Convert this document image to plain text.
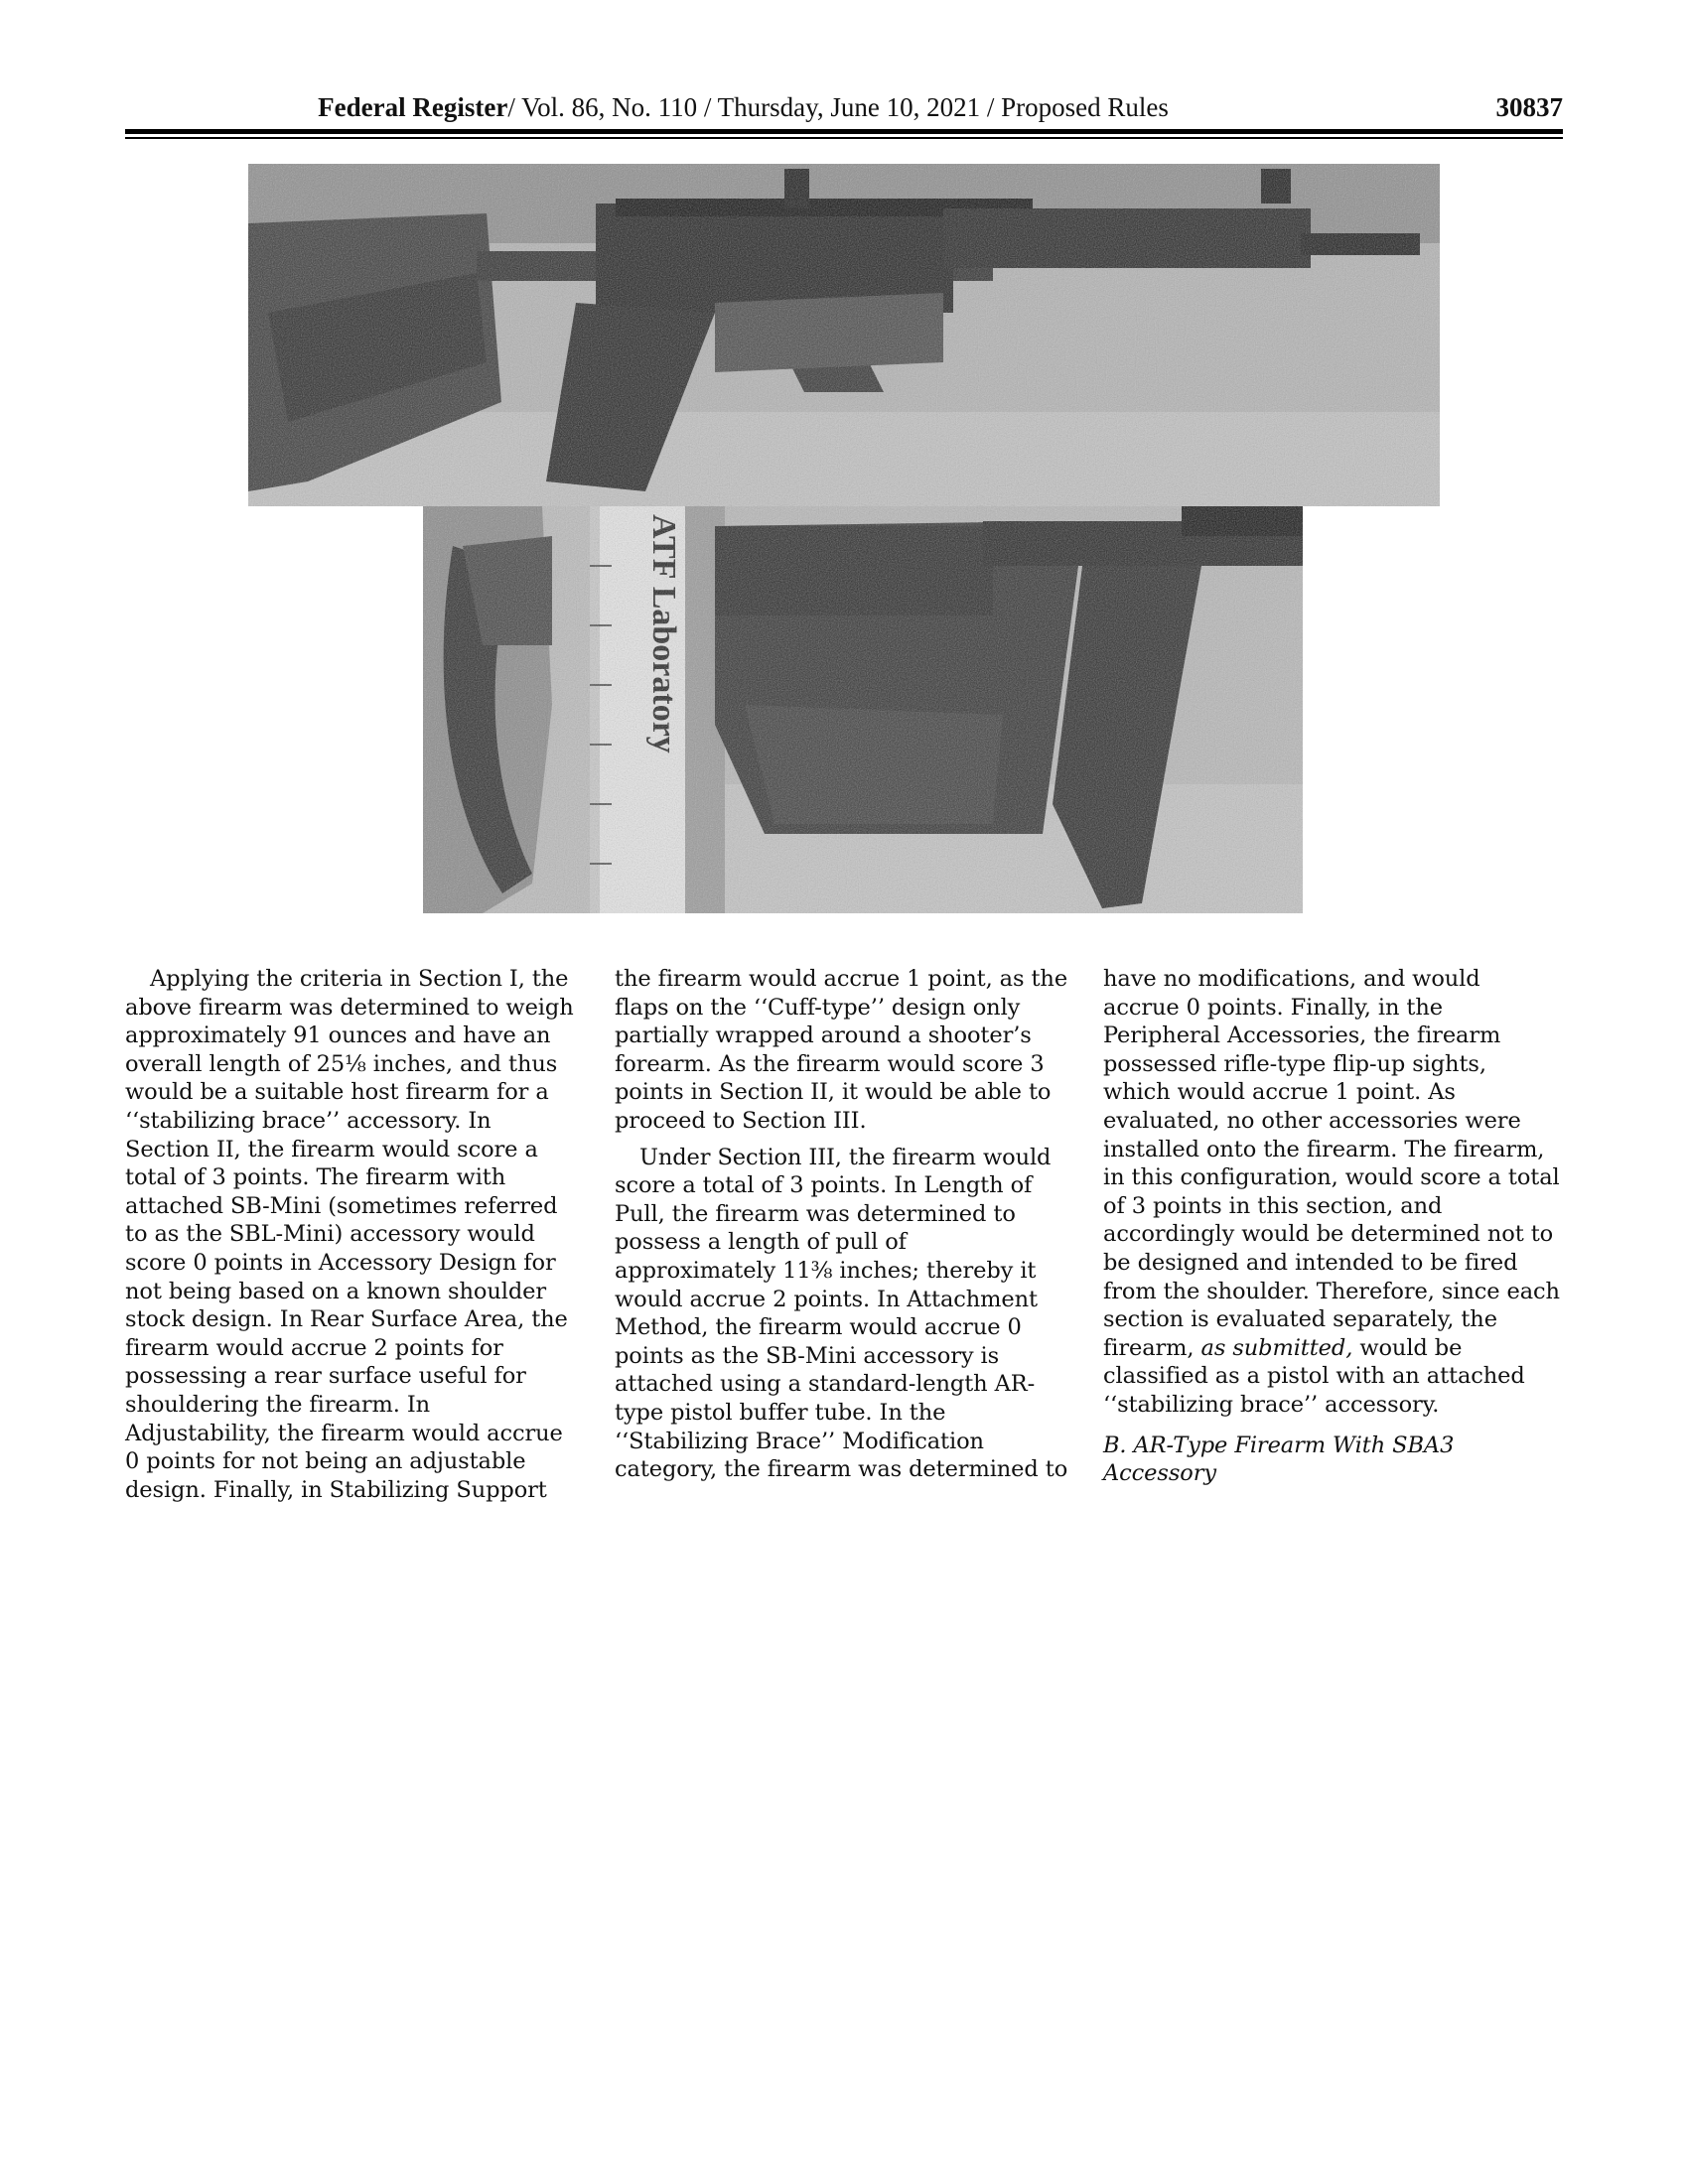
Federal Register/ Vol. 86, No. 110 / Thursday, June 10, 2021 / Proposed Rules	30837

Applying the criteria in Section I, the above firearm was determined to weigh approximately 91 ounces and have an overall length of 25⅛ inches, and thus would be a suitable host firearm for a ‘‘stabilizing brace’’ accessory. In Section II, the firearm would score a total of 3 points. The firearm with attached SB-Mini (sometimes referred to as the SBL-Mini) accessory would score 0 points in Accessory Design for not being based on a known shoulder stock design. In Rear Surface Area, the firearm would accrue 2 points for possessing a rear surface useful for shouldering the firearm. In Adjustability, the firearm would accrue 0 points for not being an adjustable design. Finally, in Stabilizing Support

the firearm would accrue 1 point, as the flaps on the ‘‘Cuff-type’’ design only partially wrapped around a shooter’s forearm. As the firearm would score 3 points in Section II, it would be able to proceed to Section III.

Under Section III, the firearm would score a total of 3 points. In Length of Pull, the firearm was determined to possess a length of pull of approximately 11⅜ inches; thereby it would accrue 2 points. In Attachment Method, the firearm would accrue 0 points as the SB-Mini accessory is attached using a standard-length AR-type pistol buffer tube. In the ‘‘Stabilizing Brace’’ Modification category, the firearm was determined to

have no modifications, and would accrue 0 points. Finally, in the Peripheral Accessories, the firearm possessed rifle-type flip-up sights, which would accrue 1 point. As evaluated, no other accessories were installed onto the firearm. The firearm, in this configuration, would score a total of 3 points in this section, and accordingly would be determined not to be designed and intended to be fired from the shoulder. Therefore, since each section is evaluated separately, the firearm, as submitted, would be classified as a pistol with an attached ‘‘stabilizing brace’’ accessory.

B. AR-Type Firearm With SBA3 Accessory
